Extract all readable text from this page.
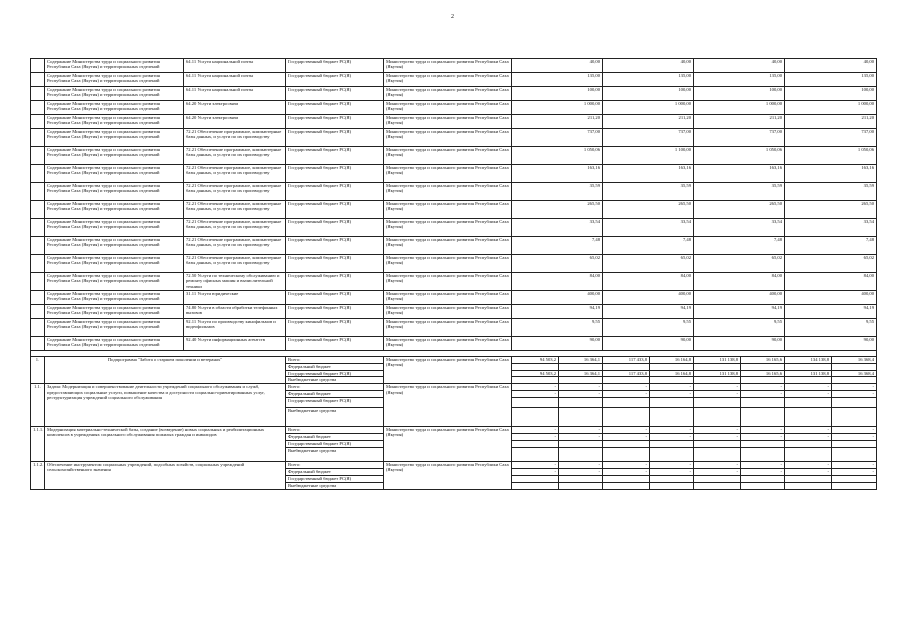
2
	Содержание Министерства труда и социального развития Республики Саха (Якутия) и территориальных отделений	64.11 Услуги национальной почты	Государственный бюджет РС(Я)	Министерство труда и социального развития Республики Саха (Якутия)	40,00		40,00		40,00		40,00	
	Содержание Министерства труда и социального развития Республики Саха (Якутия) и территориальных отделений	64.11 Услуги национальной почты	Государственный бюджет РС(Я)	Министерство труда и социального развития Республики Саха (Якутия)	135,00		135,00		135,00		135,00	
	Содержание Министерства труда и социального развития Республики Саха (Якутия) и территориальных отделений	64.11 Услуги национальной почты	Государственный бюджет РС(Я)	Министерство труда и социального развития Республики Саха (Якутия)	100,00		100,00		100,00		100,00	
	Содержание Министерства труда и социального развития Республики Саха (Якутия) и территориальных отделений	64.20 Услуги электросвязи	Государственный бюджет РС(Я)	Министерство труда и социального развития Республики Саха (Якутия)	1 000,00		1 000,00		1 000,00		1 000,00	
	Содержание Министерства труда и социального развития Республики Саха (Якутия) и территориальных отделений	64.20 Услуги электросвязи	Государственный бюджет РС(Я)	Министерство труда и социального развития Республики Саха (Якутия)	211,20		211,20		211,20		211,20	
	Содержание Министерства труда и социального развития Республики Саха (Якутия) и территориальных отделений	72.21 Обеспечение программное, компьютерные базы данных, и услуги по их производству	Государственный бюджет РС(Я)	Министерство труда и социального развития Республики Саха (Якутия)	737,00		737,00		737,00		737,00	
	Содержание Министерства труда и социального развития Республики Саха (Якутия) и территориальных отделений	72.21 Обеспечение программное, компьютерные базы данных, и услуги по их производству	Государственный бюджет РС(Я)	Министерство труда и социального развития Республики Саха (Якутия)	1 050,06		1 100,00		1 050,06		1 050,06	
	Содержание Министерства труда и социального развития Республики Саха (Якутия) и территориальных отделений	72.21 Обеспечение программное, компьютерные базы данных, и услуги по их производству	Государственный бюджет РС(Я)	Министерство труда и социального развития Республики Саха (Якутия)	163,16		163,16		163,16		163,16	
	Содержание Министерства труда и социального развития Республики Саха (Якутия) и территориальных отделений	72.21 Обеспечение программное, компьютерные базы данных, и услуги по их производству	Государственный бюджет РС(Я)	Министерство труда и социального развития Республики Саха (Якутия)	35,59		35,59		35,59		35,59	
	Содержание Министерства труда и социального развития Республики Саха (Якутия) и территориальных отделений	72.21 Обеспечение программное, компьютерные базы данных, и услуги по их производству	Государственный бюджет РС(Я)	Министерство труда и социального развития Республики Саха (Якутия)	265,50		265,50		265,50		265,50	
	Содержание Министерства труда и социального развития Республики Саха (Якутия) и территориальных отделений	72.21 Обеспечение программное, компьютерные базы данных, и услуги по их производству	Государственный бюджет РС(Я)	Министерство труда и социального развития Республики Саха (Якутия)	33,54		33,54		33,54		33,54	
	Содержание Министерства труда и социального развития Республики Саха (Якутия) и территориальных отделений	72.21 Обеспечение программное, компьютерные базы данных, и услуги по их производству	Государственный бюджет РС(Я)	Министерство труда и социального развития Республики Саха (Якутия)	7,48		7,48		7,48		7,48	
	Содержание Министерства труда и социального развития Республики Саха (Якутия) и территориальных отделений	72.21 Обеспечение программное, компьютерные базы данных, и услуги по их производству	Государственный бюджет РС(Я)	Министерство труда и социального развития Республики Саха (Якутия)	65,02		65,02		65,02		65,02	
	Содержание Министерства труда и социального развития Республики Саха (Якутия) и территориальных отделений	72.50 Услуги по техническому обслуживанию и ремонту офисных машин и вычислительной техники	Государственный бюджет РС(Я)	Министерство труда и социального развития Республики Саха (Якутия)	84,00		84,00		84,00		84,00	
	Содержание Министерства труда и социального развития Республики Саха (Якутия) и территориальных отделений	31.11 Услуги юридические	Государственный бюджет РС(Я)	Министерство труда и социального развития Республики Саха (Якутия)	400,00		400,00		400,00		400,00	
	Содержание Министерства труда и социального развития Республики Саха (Якутия) и территориальных отделений	74.80 Услуги в области обработки телефонных вызовов	Государственный бюджет РС(Я)	Министерство труда и социального развития Республики Саха (Якутия)	94,19		94,19		94,19		94,19	
	Содержание Министерства труда и социального развития Республики Саха (Якутия) и территориальных отделений	92.11 Услуги по производству кинофильмов и видеофильмов	Государственный бюджет РС(Я)	Министерство труда и социального развития Республики Саха (Якутия)	9,55		9,55		9,55		9,55	
	Содержание Министерства труда и социального развития Республики Саха (Якутия) и территориальных отделений	92.40 Услуги информационных агентств	Государственный бюджет РС(Я)	Министерство труда и социального развития Республики Саха (Якутия)	90,00		90,00		90,00		90,00	

1.	Подпрограмма "Забота о старшем поколении и ветеранах"		Всего:	Министерство труда и социального развития Республики Саха (Якутия)	94 503,2	16 364,1	117 433,8	16 164,8	131 138,8	16 165,6	134 138,8	16 368,4
			Федеральный бюджет									
			Государственный бюджет РС(Я)		94 503,2	16 364,1	117 433,8	16 164,8	131 138,8	16 165,6	131 138,8	16 368,4
			Внебюджетные средства									
1.1.	Задача: Модернизация и совершенствование деятельности учреждений социального обслуживания и служб, предоставляющих социальные услуги, повышение качества и доступности социально-ориентированных услуг, реструктуризация учреждений социального обслуживания		Всего:	Министерство труда и социального развития Республики Саха (Якутия)	-	-	-	-	-	-	-	-
			Федеральный бюджет		-	-	-	-	-	-	-	-
			Государственный бюджет РС(Я)									
			Внебюджетные средства									
1.1.1.	Модернизация материально-технической базы, создание (возведение) новых социальных и реабилитационных комплексов в учреждениях социального обслуживания пожилых граждан и инвалидов		Всего:	Министерство труда и социального развития Республики Саха (Якутия)	-	-	-	-	-	-	-	-
			Федеральный бюджет		-	-	-	-	-	-	-	-
			Государственный бюджет РС(Я)									
			Внебюджетные средства									
1.1.2.	Обеспечение инструментом социальных учреждений, подсобных хозяйств, социальных учреждений сельскохозяйственного значения		Всего:	Министерство труда и социального развития Республики Саха (Якутия)	-	-	-	-	-	-	-	-
			Федеральный бюджет		-	-	-	-	-	-	-	-
			Государственный бюджет РС(Я)									
			Внебюджетные средства									
